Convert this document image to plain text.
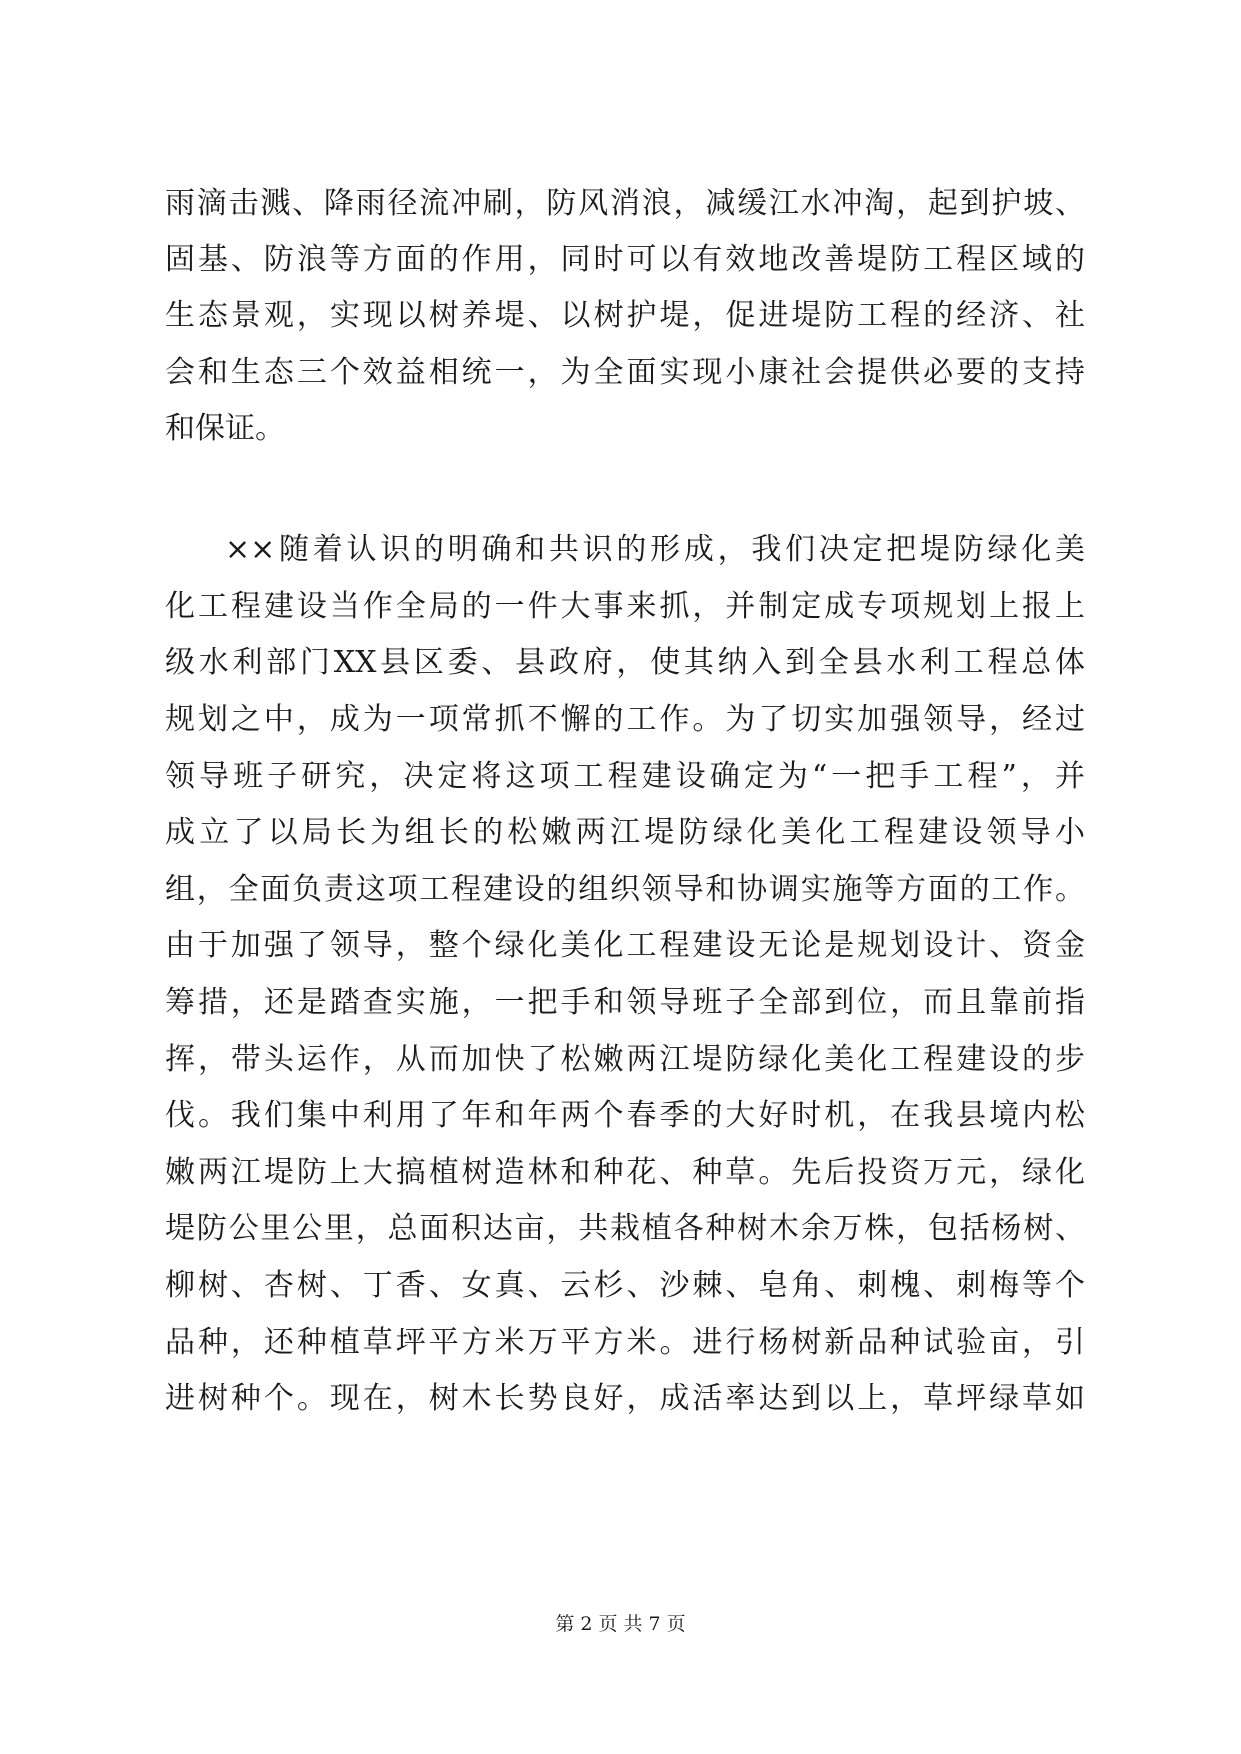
雨滴击溅、降雨径流冲刷，防风消浪，减缓江水冲淘，起到护坡、
固基、防浪等方面的作用，同时可以有效地改善堤防工程区域的
生态景观，实现以树养堤、以树护堤，促进堤防工程的经济、社
会和生态三个效益相统一，为全面实现小康社会提供必要的支持
和保证。
××随着认识的明确和共识的形成，我们决定把堤防绿化美
化工程建设当作全局的一件大事来抓，并制定成专项规划上报上
级水利部门XX县区委、县政府，使其纳入到全县水利工程总体
规划之中，成为一项常抓不懈的工作。为了切实加强领导，经过
领导班子研究，决定将这项工程建设确定为“一把手工程”，并
成立了以局长为组长的松嫩两江堤防绿化美化工程建设领导小
组，全面负责这项工程建设的组织领导和协调实施等方面的工作。
由于加强了领导，整个绿化美化工程建设无论是规划设计、资金
筹措，还是踏查实施，一把手和领导班子全部到位，而且靠前指
挥，带头运作，从而加快了松嫩两江堤防绿化美化工程建设的步
伐。我们集中利用了年和年两个春季的大好时机，在我县境内松
嫩两江堤防上大搞植树造林和种花、种草。先后投资万元，绿化
堤防公里公里，总面积达亩，共栽植各种树木余万株，包括杨树、
柳树、杏树、丁香、女真、云杉、沙棘、皂角、刺槐、刺梅等个
品种，还种植草坪平方米万平方米。进行杨树新品种试验亩，引
进树种个。现在，树木长势良好，成活率达到以上，草坪绿草如
第 2 页 共 7 页
